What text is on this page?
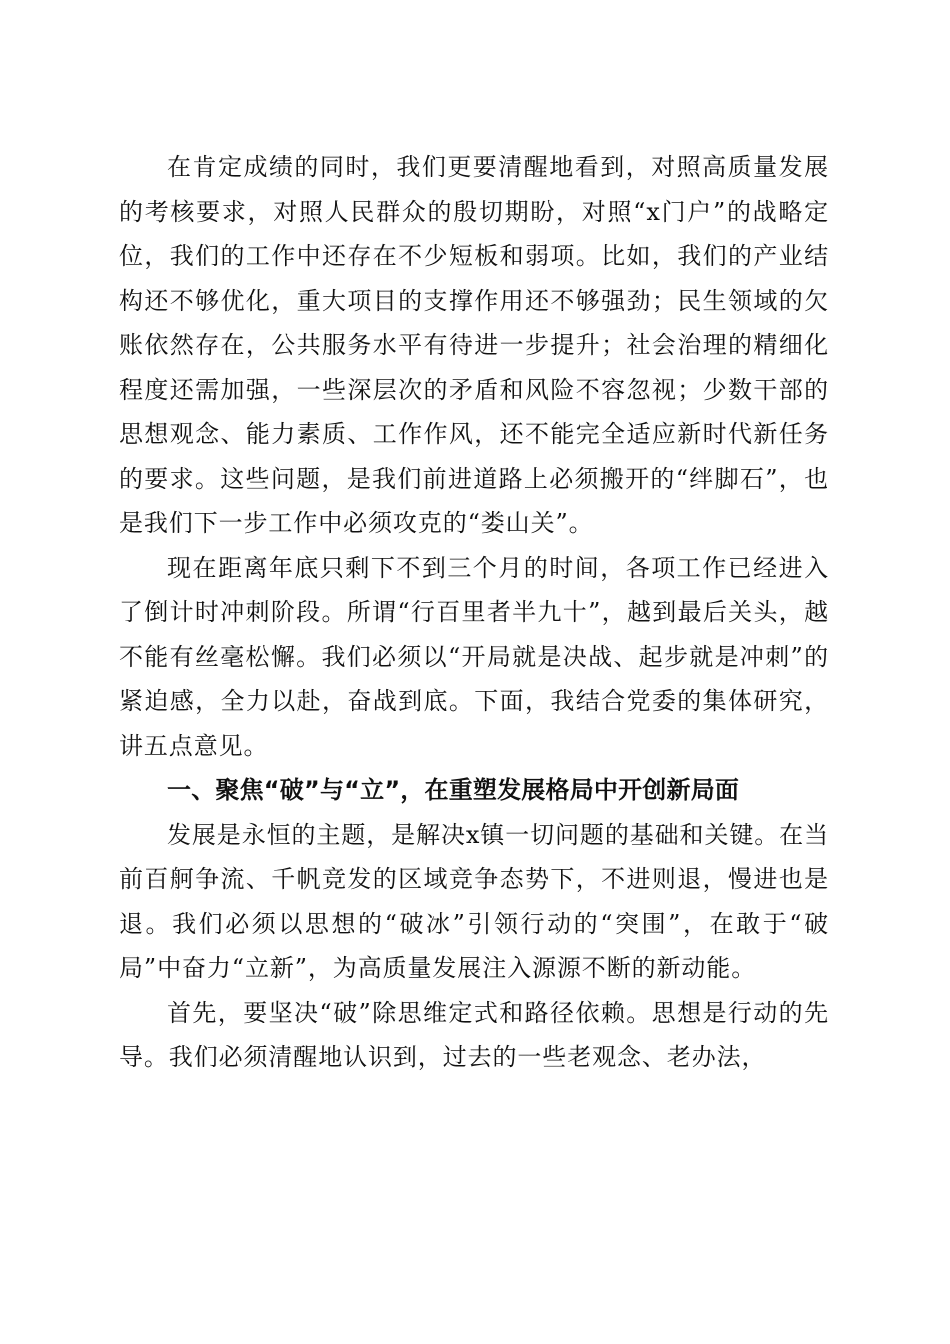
在肯定成绩的同时，我们更要清醒地看到，对照高质量发展的考核要求，对照人民群众的殷切期盼，对照“x门户”的战略定位，我们的工作中还存在不少短板和弱项。比如，我们的产业结构还不够优化，重大项目的支撑作用还不够强劲；民生领域的欠账依然存在，公共服务水平有待进一步提升；社会治理的精细化程度还需加强，一些深层次的矛盾和风险不容忽视；少数干部的思想观念、能力素质、工作作风，还不能完全适应新时代新任务的要求。这些问题，是我们前进道路上必须搬开的“绊脚石”，也是我们下一步工作中必须攻克的“娄山关”。

现在距离年底只剩下不到三个月的时间，各项工作已经进入了倒计时冲刺阶段。所谓“行百里者半九十”，越到最后关头，越不能有丝毫松懈。我们必须以“开局就是决战、起步就是冲刺”的紧迫感，全力以赴，奋战到底。下面，我结合党委的集体研究，讲五点意见。

一、聚焦“破”与“立”，在重塑发展格局中开创新局面

发展是永恒的主题，是解决x镇一切问题的基础和关键。在当前百舸争流、千帆竞发的区域竞争态势下，不进则退，慢进也是退。我们必须以思想的“破冰”引领行动的“突围”，在敢于“破局”中奋力“立新”，为高质量发展注入源源不断的新动能。

首先，要坚决“破”除思维定式和路径依赖。思想是行动的先导。我们必须清醒地认识到，过去的一些老观念、老办法，
